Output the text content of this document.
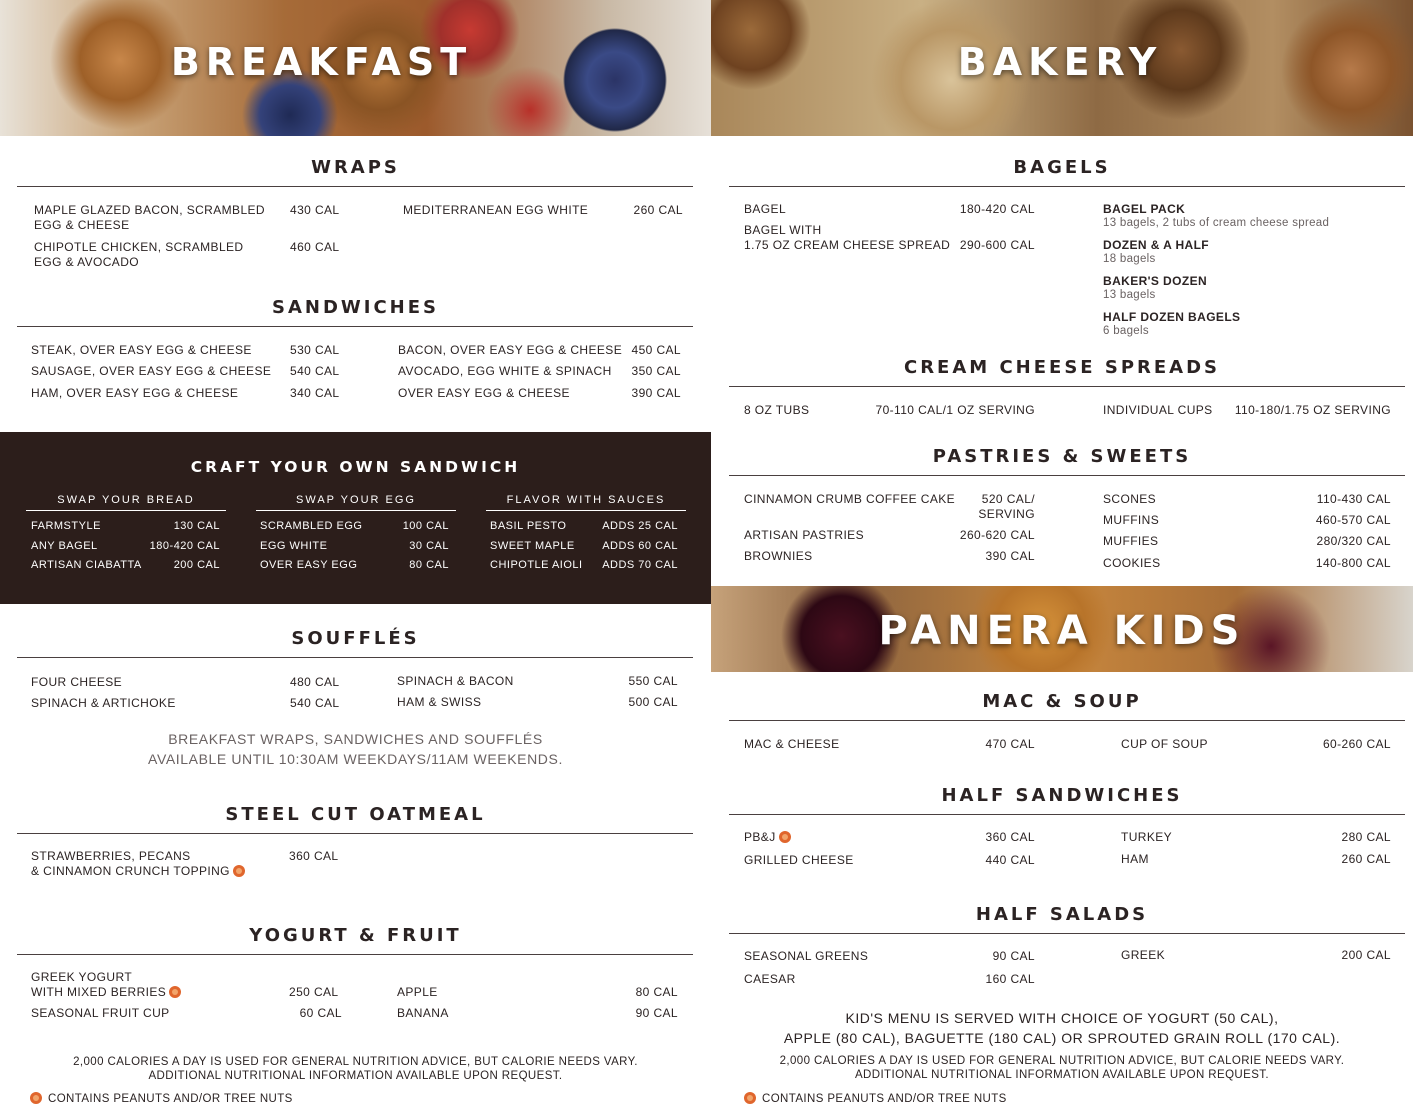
BREAKFAST
WRAPS
MAPLE GLAZED BACON, SCRAMBLED
EGG & CHEESE
430 CAL
CHIPOTLE CHICKEN, SCRAMBLED
EGG & AVOCADO
460 CAL
MEDITERRANEAN EGG WHITE	260 CAL
SANDWICHES
STEAK, OVER EASY EGG & CHEESE	530 CAL
SAUSAGE, OVER EASY EGG & CHEESE 540 CAL
HAM, OVER EASY EGG & CHEESE	340 CAL
BACON, OVER EASY EGG & CHEESE 450 CAL
AVOCADO, EGG WHITE & SPINACH 350 CAL
OVER EASY EGG & CHEESE	390 CAL
CRAFT YOUR OWN SANDWICH
SWAP YOUR BREAD	SWAP YOUR EGG	FLAVOR WITH SAUCES
FARMSTYLE	130 CAL
ANY BAGEL	180-420 CAL
ARTISAN CIABATTA	200 CAL
SCRAMBLED EGG	100 CAL
EGG WHITE	30 CAL
OVER EASY EGG	80 CAL
BASIL PESTO	ADDS 25 CAL
SWEET MAPLE ADDS 60 CAL
CHIPOTLE AIOLI ADDS 70 CAL
SOUFFLÉS
FOUR CHEESE	480 CAL
SPINACH & ARTICHOKE	540 CAL
SPINACH & BACON	550 CAL
HAM & SWISS	500 CAL
BREAKFAST WRAPS, SANDWICHES AND SOUFFLÉS
AVAILABLE UNTIL 10:30AM WEEKDAYS/11AM WEEKENDS.
STEEL CUT OATMEAL
STRAWBERRIES, PECANS
& CINNAMON CRUNCH TOPPING
360 CAL
YOGURT & FRUIT
GREEK YOGURT
WITH MIXED BERRIES	250 CAL
SEASONAL FRUIT CUP	60 CAL
APPLE	80 CAL
BANANA	90 CAL
2,000 CALORIES A DAY IS USED FOR GENERAL NUTRITION ADVICE, BUT CALORIE NEEDS VARY.
ADDITIONAL NUTRITIONAL INFORMATION AVAILABLE UPON REQUEST.
CONTAINS PEANUTS AND/OR TREE NUTS
BAKERY
BAGELS
BAGEL	180-420 CAL
BAGEL WITH
1.75 OZ CREAM CHEESE SPREAD 290-600 CAL
BAGEL PACK
13 bagels, 2 tubs of cream cheese spread
DOZEN & A HALF
18 bagels
BAKER'S DOZEN
13 bagels
HALF DOZEN BAGELS
6 bagels
CREAM CHEESE SPREADS
8 OZ TUBS	70-110 CAL/1 OZ SERVING	INDIVIDUAL CUPS 110-180/1.75 OZ SERVING
PASTRIES & SWEETS
CINNAMON CRUMB COFFEE CAKE 520 CAL/
SERVING
ARTISAN PASTRIES	260-620 CAL
BROWNIES	390 CAL
SCONES	110-430 CAL
MUFFINS	460-570 CAL
MUFFIES	280/320 CAL
COOKIES	140-800 CAL
PANERA KIDS
MAC & SOUP
MAC & CHEESE	470 CAL	CUP OF SOUP	60-260 CAL
HALF SANDWICHES
PB&J	360 CAL
GRILLED CHEESE	440 CAL
TURKEY	280 CAL
HAM	260 CAL
HALF SALADS
SEASONAL GREENS	90 CAL
CAESAR	160 CAL
GREEK	200 CAL
KID'S MENU IS SERVED WITH CHOICE OF YOGURT (50 CAL),
APPLE (80 CAL), BAGUETTE (180 CAL) OR SPROUTED GRAIN ROLL (170 CAL).
2,000 CALORIES A DAY IS USED FOR GENERAL NUTRITION ADVICE, BUT CALORIE NEEDS VARY.
ADDITIONAL NUTRITIONAL INFORMATION AVAILABLE UPON REQUEST.
CONTAINS PEANUTS AND/OR TREE NUTS
